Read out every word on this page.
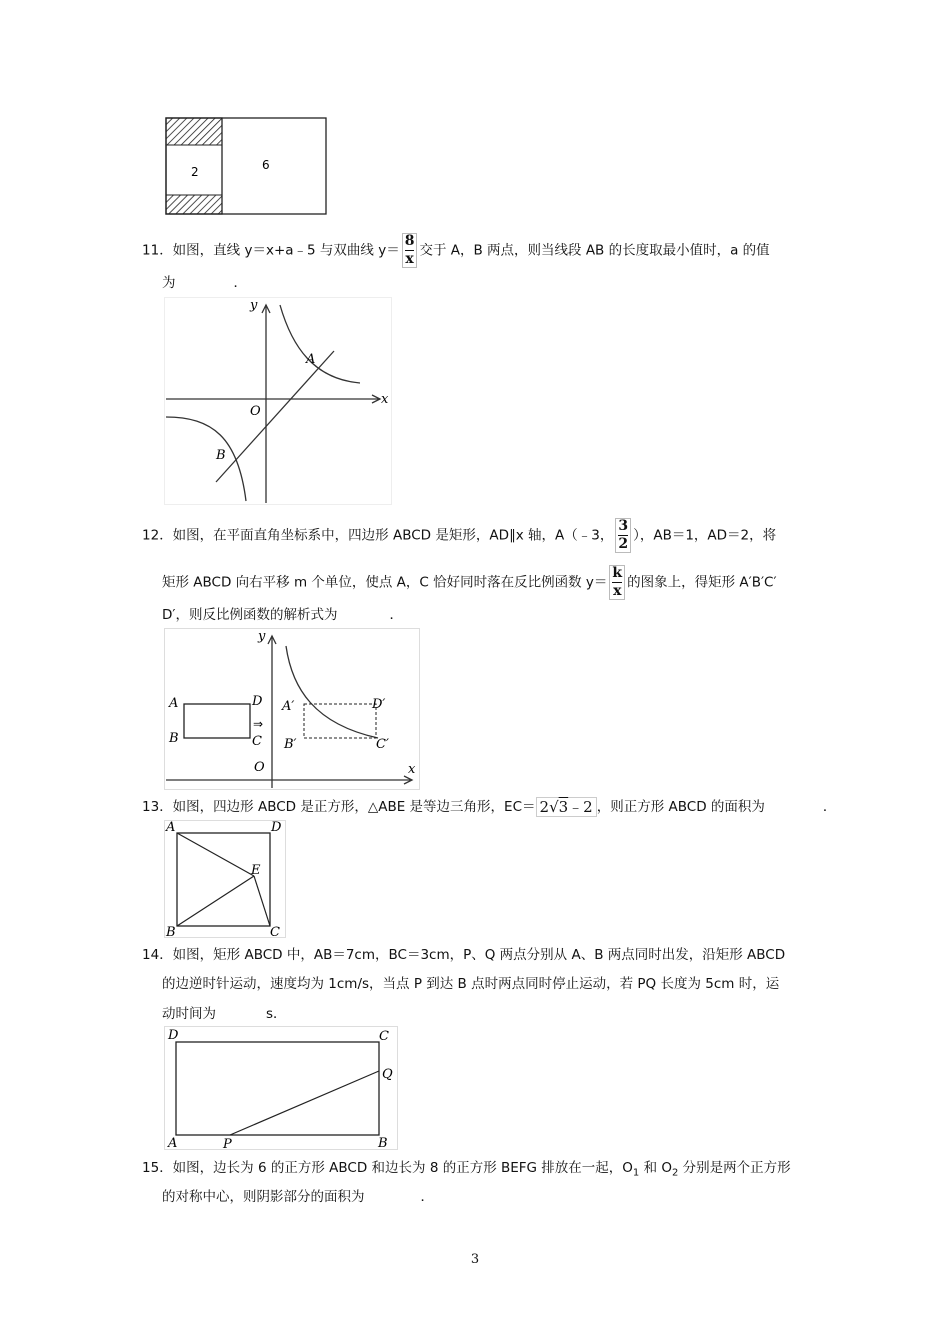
2	6
11．如图，直线 y＝x+a﹣5 与双曲线 $y= \frac{8}{x}$ 交于 A，B 两点，则当线段 AB 的长度取最小值时，a 的值
为	．
y
x
O
A
B
12．如图，在平面直角坐标系中，四边形 ABCD 是矩形，AD∥x 轴，A（﹣3， $\frac{3}{2}$ ），AB＝1，AD＝2，将
矩形 ABCD 向右平移 m 个单位，使点 A，C 恰好同时落在反比例函数 $y= \frac{k}{x}$ 的图象上，得矩形 A′B′C′
D′，则反比例函数的解析式为	．
⇒
y
x
O
A
B	C
D A′
B′	C′
D′
13．如图，四边形 ABCD 是正方形，△ABE 是等边三角形，EC＝ 2√3﹣2 ，则正方形 ABCD 的面积为	．
A	D
B	C
E
14．如图，矩形 ABCD 中，AB＝7cm，BC＝3cm，P、Q 两点分别从 A、B 两点同时出发，沿矩形 ABCD
的边逆时针运动，速度均为 1cm/s，当点 P 到达 B 点时两点同时停止运动，若 PQ 长度为 5cm 时，运
动时间为	s．
D	C
A	B
P
Q
15．如图，边长为 6 的正方形 ABCD 和边长为 8 的正方形 BEFG 排放在一起，$O_1$ 和 $O_2$ 分别是两个正方形
的对称中心，则阴影部分的面积为	．
3
